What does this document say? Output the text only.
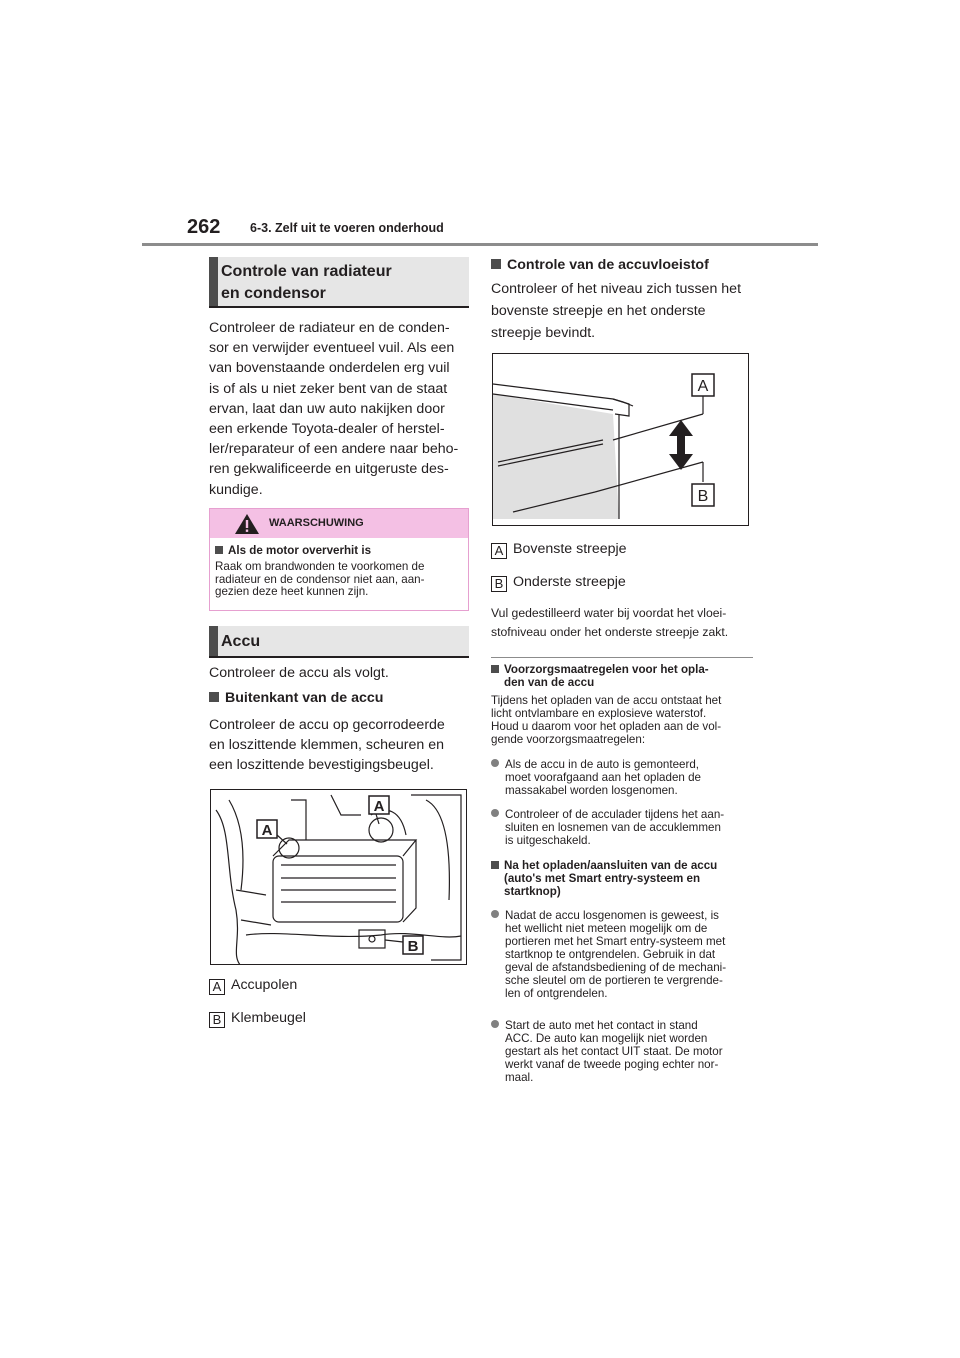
262 6-3. Zelf uit te voeren onderhoud
Controle van radiateur
en condensor
Controleer de radiateur en de conden-
sor en verwijder eventueel vuil. Als een
van bovenstaande onderdelen erg vuil
is of als u niet zeker bent van de staat
ervan, laat dan uw auto nakijken door
een erkende Toyota-dealer of herstel-
ler/reparateur of een andere naar beho-
ren gekwalificeerde en uitgeruste des-
kundige.
WAARSCHUWING
Als de motor oververhit is
Raak om brandwonden te voorkomen de
radiateur en de condensor niet aan, aan-
gezien deze heet kunnen zijn.
Accu
Controleer de accu als volgt.
Buitenkant van de accu
Controleer de accu op gecorrodeerde
en loszittende klemmen, scheuren en
een loszittende bevestigingsbeugel.
A
A
B
A Accupolen
B Klembeugel
Controle van de accuvloeistof
Controleer of het niveau zich tussen het
bovenste streepje en het onderste
streepje bevindt.
A
B
A Bovenste streepje
B Onderste streepje
Vul gedestilleerd water bij voordat het vloei-
stofniveau onder het onderste streepje zakt.
Voorzorgsmaatregelen voor het opla-
den van de accu
Tijdens het opladen van de accu ontstaat het
licht ontvlambare en explosieve waterstof.
Houd u daarom voor het opladen aan de vol-
gende voorzorgsmaatregelen:
Als de accu in de auto is gemonteerd,
moet voorafgaand aan het opladen de
massakabel worden losgenomen.
Controleer of de acculader tijdens het aan-
sluiten en losnemen van de accuklemmen
is uitgeschakeld.
Na het opladen/aansluiten van de accu
(auto's met Smart entry-systeem en
startknop)
Nadat de accu losgenomen is geweest, is
het wellicht niet meteen mogelijk om de
portieren met het Smart entry-systeem met
startknop te ontgrendelen. Gebruik in dat
geval de afstandsbediening of de mechani-
sche sleutel om de portieren te vergrende-
len of ontgrendelen.
Start de auto met het contact in stand
ACC. De auto kan mogelijk niet worden
gestart als het contact UIT staat. De motor
werkt vanaf de tweede poging echter nor-
maal.
